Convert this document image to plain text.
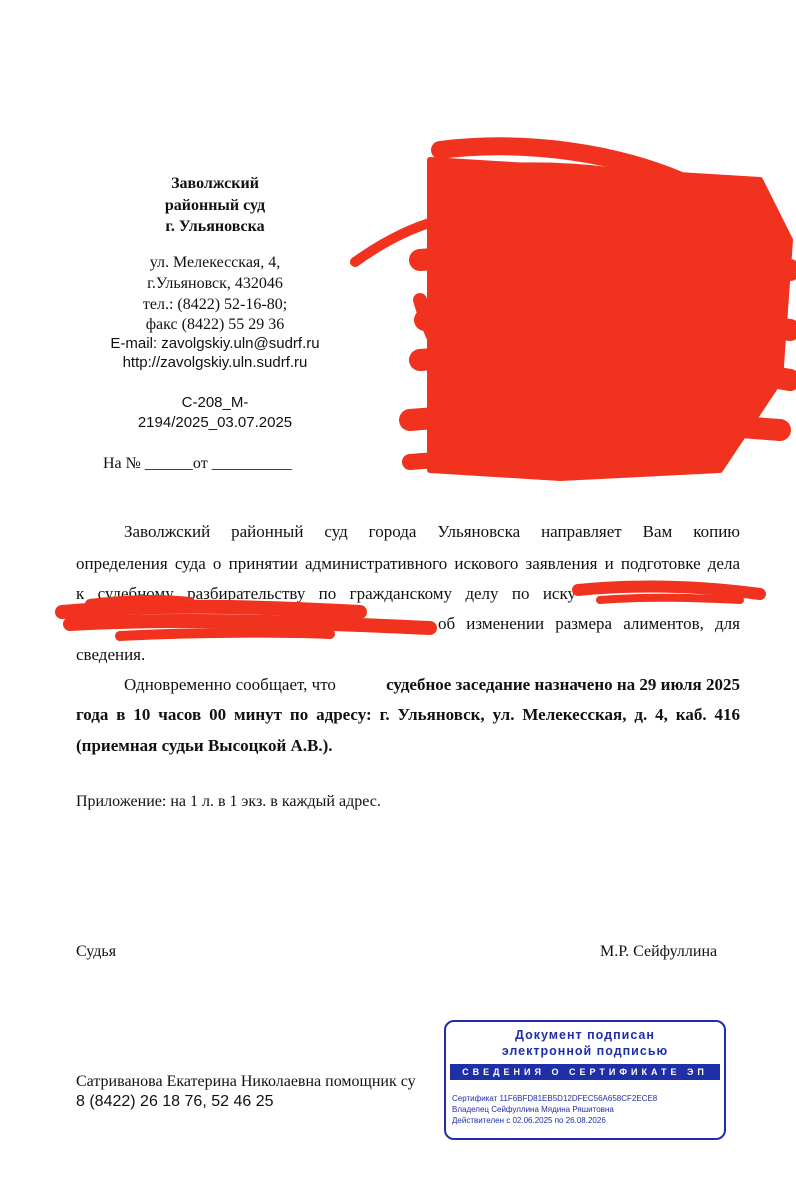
Заволжский
районный суд
г. Ульяновска
ул. Мелекесская, 4,
г.Ульяновск, 432046
тел.: (8422) 52-16-80;
факс (8422) 55 29 36
E-mail: zavolgskiy.uln@sudrf.ru
http://zavolgskiy.uln.sudrf.ru
С-208_М-
2194/2025_03.07.2025
На № ______от __________
Заволжский районный суд города Ульяновска направляет Вам копию
определения суда о принятии административного искового заявления и подготовке дела
к судебному разбирательству по гражданскому делу по иску
об изменении размера алиментов, для
сведения.
Одновременно сообщает, что	судебное заседание назначено на 29 июля 2025
года в 10 часов 00 минут по адресу: г. Ульяновск, ул. Мелекесская, д. 4, каб. 416
(приемная судьи Высоцкой А.В.).
Приложение: на 1 л. в 1 экз. в каждый адрес.
Судья	М.Р. Сейфуллина
Сатриванова Екатерина Николаевна помощник су
8 (8422) 26 18 76, 52 46 25
Документ подписан
электронной подписью
СВЕДЕНИЯ О СЕРТИФИКАТЕ ЭП
Сертификат 11F6BFD81EB5D12DFEC56A658CF2ECE8
Владелец Сейфуллина Мядина Ряшитовна
Действителен с 02.06.2025 по 26.08.2026
